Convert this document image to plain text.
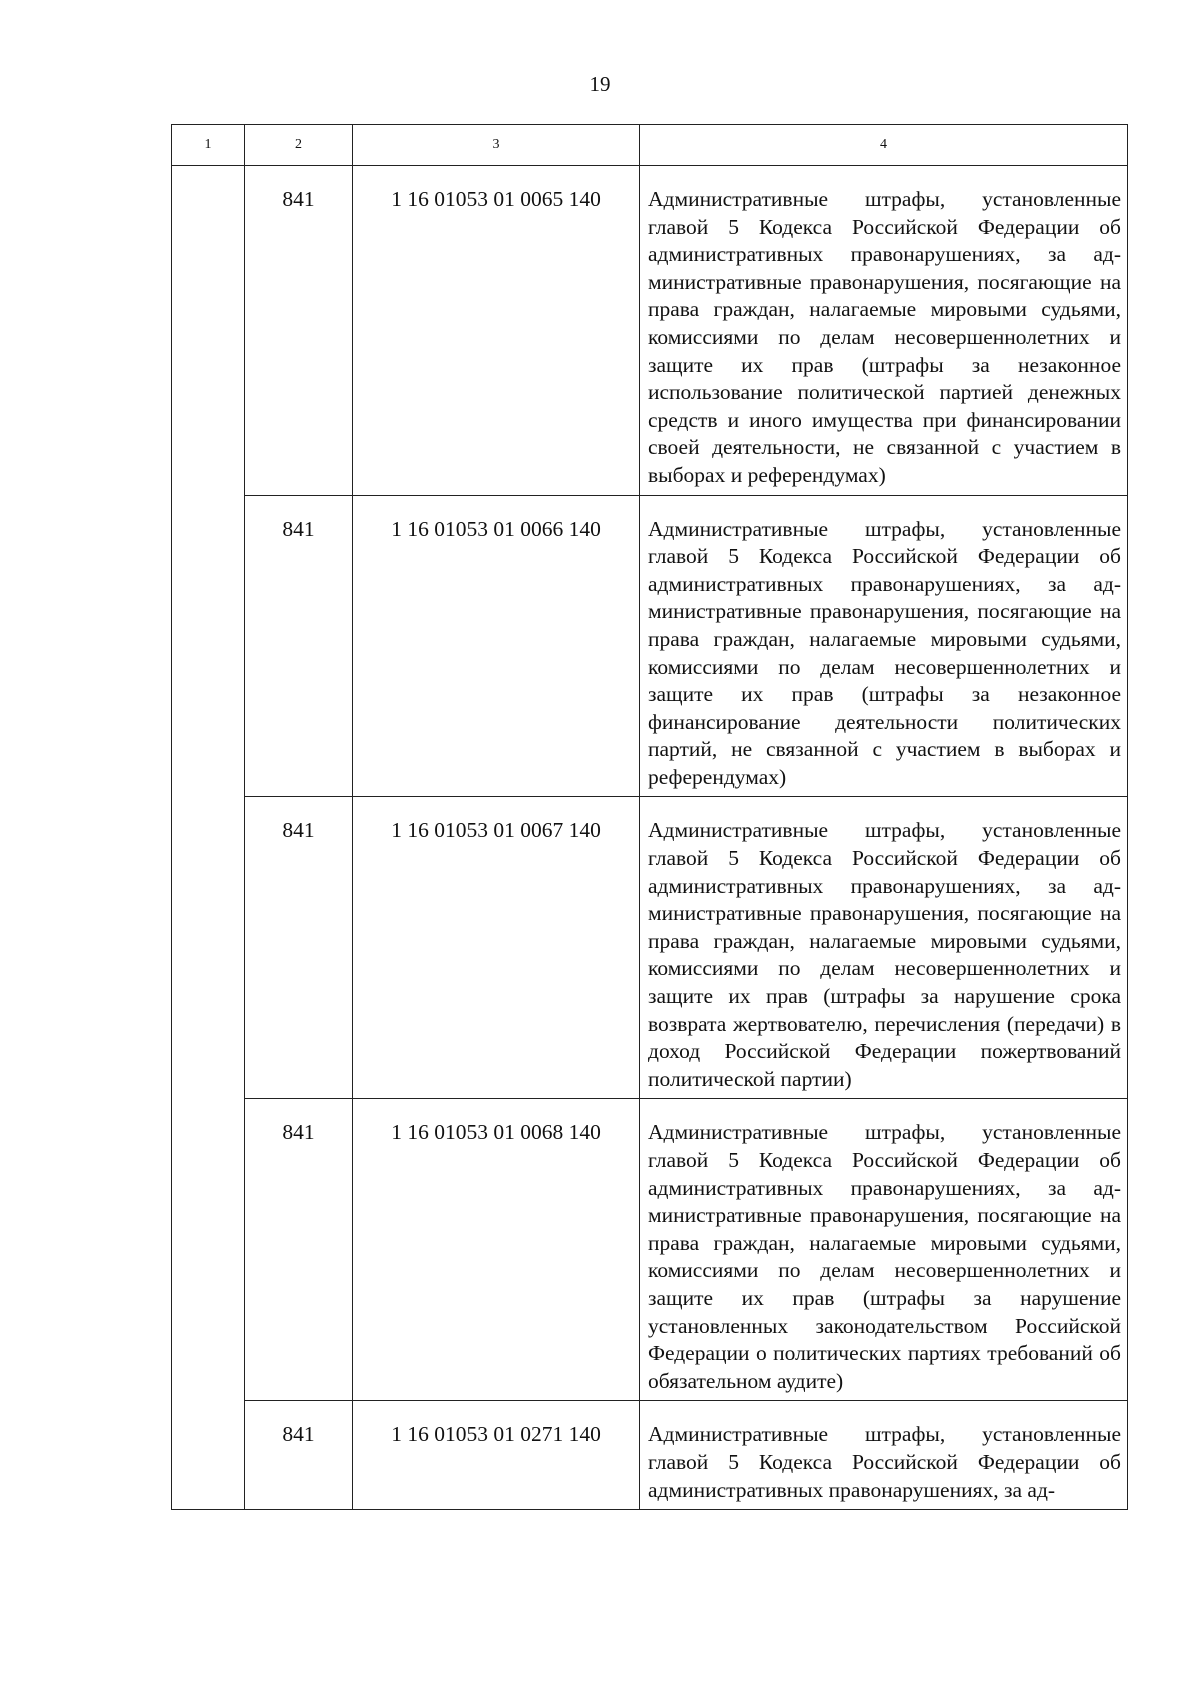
19
1	2	3	4
	841	1 16 01053 01 0065 140	Административные штрафы, установленные главой 5 Кодекса Российской Федерации об административных правонарушениях, за административные правонарушения, посягающие на права граждан, налагаемые мировыми судьями, комиссиями по делам несовершеннолетних и защите их прав (штрафы за незаконное использование политической партией денежных средств и иного имущества при финансировании своей деятельности, не связанной с участием в выборах и референдумах)
	841	1 16 01053 01 0066 140	Административные штрафы, установленные главой 5 Кодекса Российской Федерации об административных правонарушениях, за административные правонарушения, посягающие на права граждан, налагаемые мировыми судьями, комиссиями по делам несовершеннолетних и защите их прав (штрафы за незаконное финансирование деятельности политических партий, не связанной с участием в выборах и референдумах)
	841	1 16 01053 01 0067 140	Административные штрафы, установленные главой 5 Кодекса Российской Федерации об административных правонарушениях, за административные правонарушения, посягающие на права граждан, налагаемые мировыми судьями, комиссиями по делам несовершеннолетних и защите их прав (штрафы за нарушение срока возврата жертвователю, перечисления (передачи) в доход Российской Федерации пожертвований политической партии)
	841	1 16 01053 01 0068 140	Административные штрафы, установленные главой 5 Кодекса Российской Федерации об административных правонарушениях, за административные правонарушения, посягающие на права граждан, налагаемые мировыми судьями, комиссиями по делам несовершеннолетних и защите их прав (штрафы за нарушение установленных законодательством Российской Федерации о политических партиях требований об обязательном аудите)
	841	1 16 01053 01 0271 140	Административные штрафы, установленные главой 5 Кодекса Российской Федерации об административных правонарушениях, за ад-
